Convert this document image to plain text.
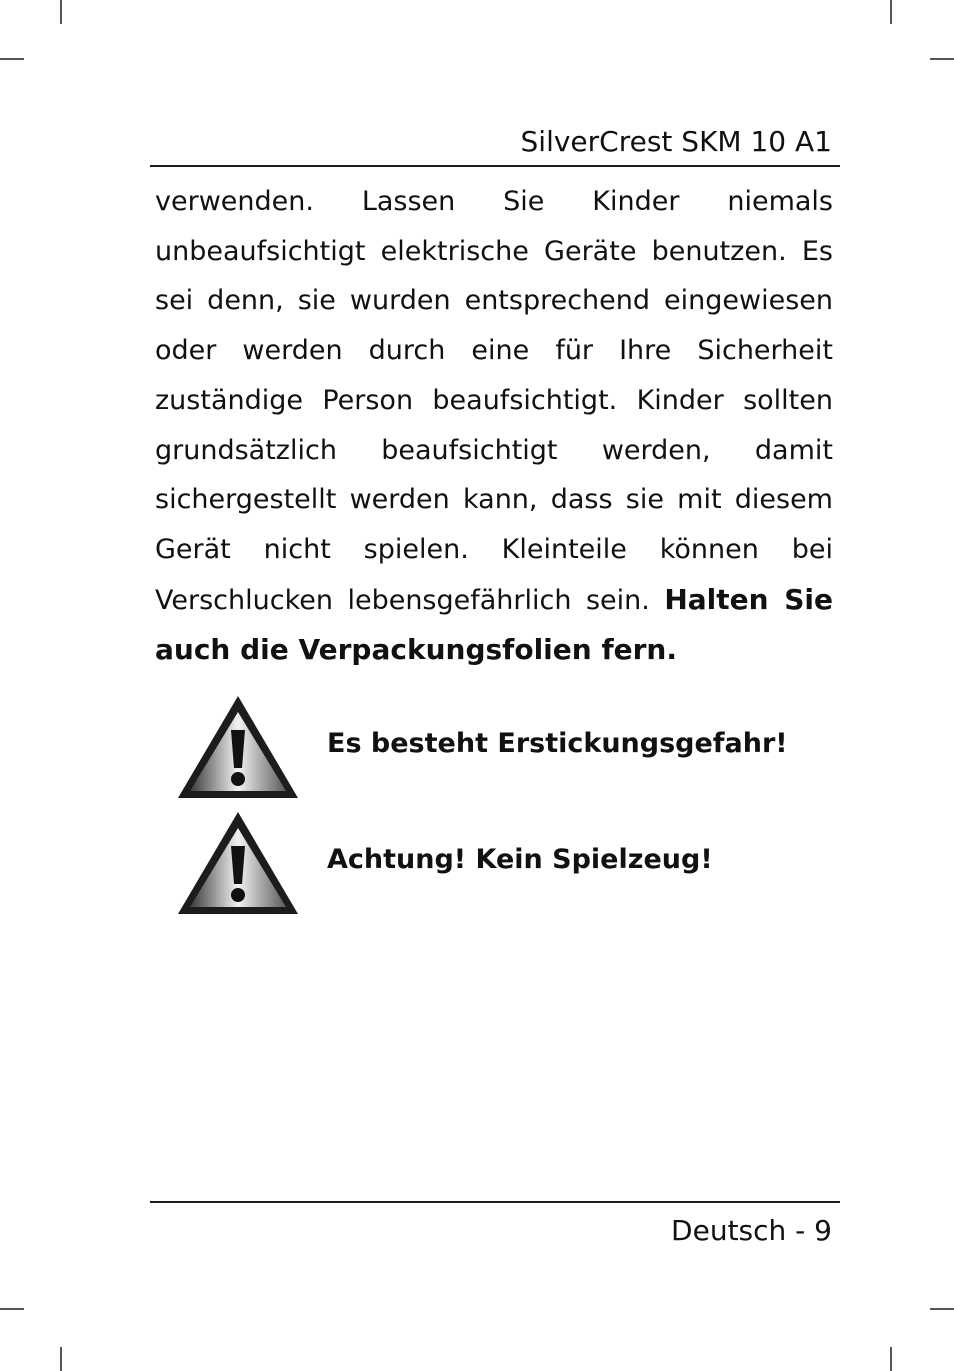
SilverCrest SKM 10 A1
verwenden. Lassen Sie Kinder niemals unbeaufsichtigt elektrische Geräte benutzen. Es sei denn, sie wurden entsprechend eingewiesen oder werden durch eine für Ihre Sicherheit zuständige Person beaufsichtigt. Kinder sollten grundsätzlich beaufsichtigt werden, damit sichergestellt werden kann, dass sie mit diesem Gerät nicht spielen. Kleinteile können bei Verschlucken lebensgefährlich sein. Halten Sie auch die Verpackungsfolien fern.
Es besteht Erstickungsgefahr!
Achtung! Kein Spielzeug!
Deutsch - 9
